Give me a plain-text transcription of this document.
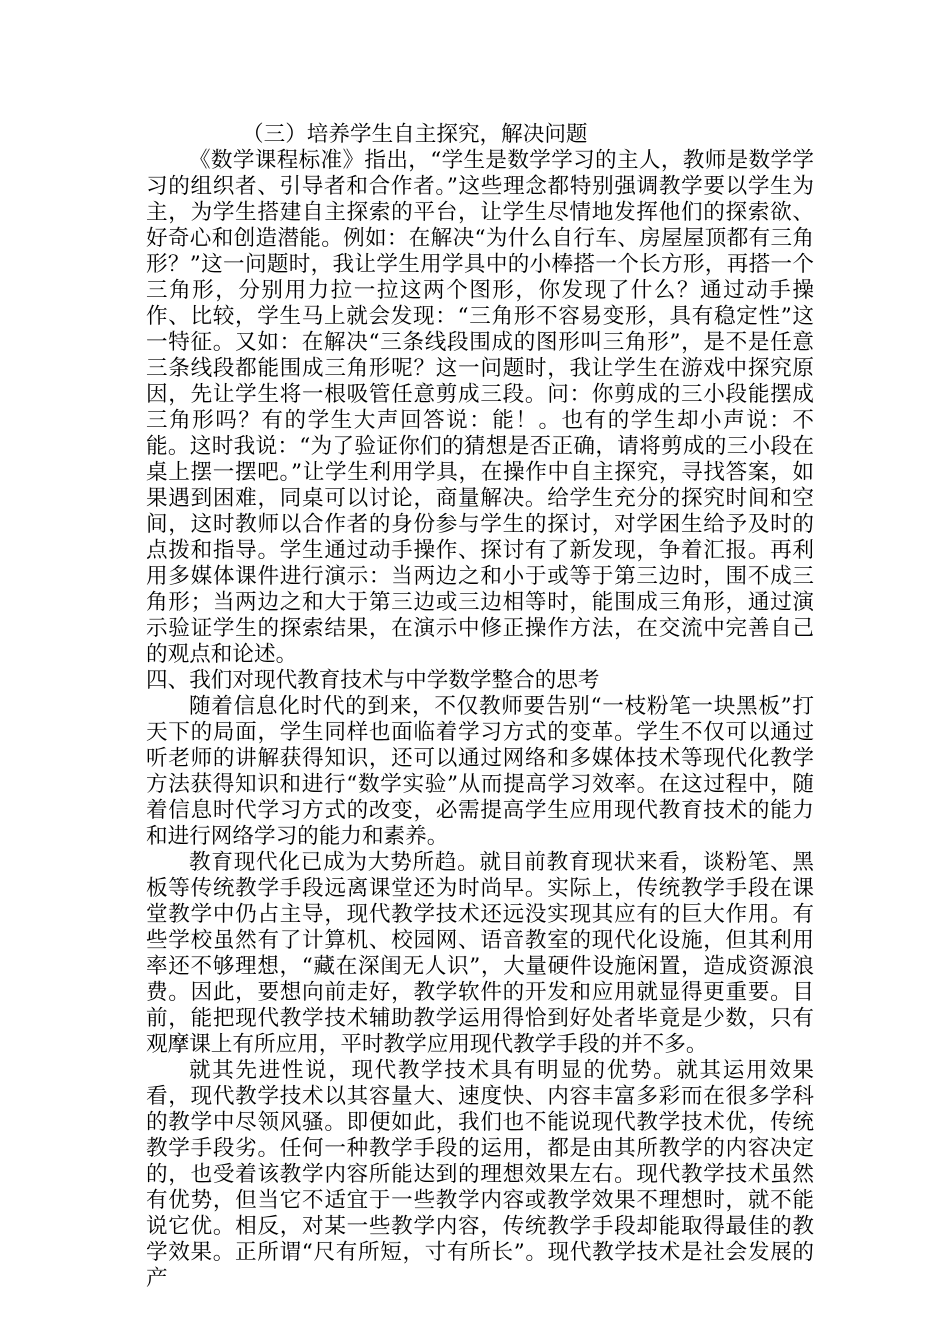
（三）培养学生自主探究，解决问题

《数学课程标准》指出，“学生是数学学习的主人，教师是数学学习的组织者、引导者和合作者。”这些理念都特别强调教学要以学生为主，为学生搭建自主探索的平台，让学生尽情地发挥他们的探索欲、好奇心和创造潜能。例如：在解决“为什么自行车、房屋屋顶都有三角形？”这一问题时，我让学生用学具中的小棒搭一个长方形，再搭一个三角形，分别用力拉一拉这两个图形，你发现了什么？通过动手操作、比较，学生马上就会发现：“三角形不容易变形，具有稳定性”这一特征。又如：在解决“三条线段围成的图形叫三角形”，是不是任意三条线段都能围成三角形呢？这一问题时，我让学生在游戏中探究原因，先让学生将一根吸管任意剪成三段。问：你剪成的三小段能摆成三角形吗？有的学生大声回答说：能！。也有的学生却小声说：不能。这时我说：“为了验证你们的猜想是否正确，请将剪成的三小段在桌上摆一摆吧。”让学生利用学具，在操作中自主探究，寻找答案，如果遇到困难，同桌可以讨论，商量解决。给学生充分的探究时间和空间，这时教师以合作者的身份参与学生的探讨，对学困生给予及时的点拨和指导。学生通过动手操作、探讨有了新发现，争着汇报。再利用多媒体课件进行演示：当两边之和小于或等于第三边时，围不成三角形；当两边之和大于第三边或三边相等时，能围成三角形，通过演示验证学生的探索结果，在演示中修正操作方法，在交流中完善自己的观点和论述。

四、我们对现代教育技术与中学数学整合的思考

随着信息化时代的到来，不仅教师要告别“一枝粉笔一块黑板”打天下的局面，学生同样也面临着学习方式的变革。学生不仅可以通过听老师的讲解获得知识，还可以通过网络和多媒体技术等现代化教学方法获得知识和进行“数学实验”从而提高学习效率。在这过程中，随着信息时代学习方式的改变，必需提高学生应用现代教育技术的能力和进行网络学习的能力和素养。

教育现代化已成为大势所趋。就目前教育现状来看，谈粉笔、黑板等传统教学手段远离课堂还为时尚早。实际上，传统教学手段在课堂教学中仍占主导，现代教学技术还远没实现其应有的巨大作用。有些学校虽然有了计算机、校园网、语音教室的现代化设施，但其利用率还不够理想，“藏在深闺无人识”，大量硬件设施闲置，造成资源浪费。因此，要想向前走好，教学软件的开发和应用就显得更重要。目前，能把现代教学技术辅助教学运用得恰到好处者毕竟是少数，只有观摩课上有所应用，平时教学应用现代教学手段的并不多。

就其先进性说，现代教学技术具有明显的优势。就其运用效果看，现代教学技术以其容量大、速度快、内容丰富多彩而在很多学科的教学中尽领风骚。即便如此，我们也不能说现代教学技术优，传统教学手段劣。任何一种教学手段的运用，都是由其所教学的内容决定的，也受着该教学内容所能达到的理想效果左右。现代教学技术虽然有优势，但当它不适宜于一些教学内容或教学效果不理想时，就不能说它优。相反，对某一些教学内容，传统教学手段却能取得最佳的教学效果。正所谓“尺有所短，寸有所长”。现代教学技术是社会发展的产
